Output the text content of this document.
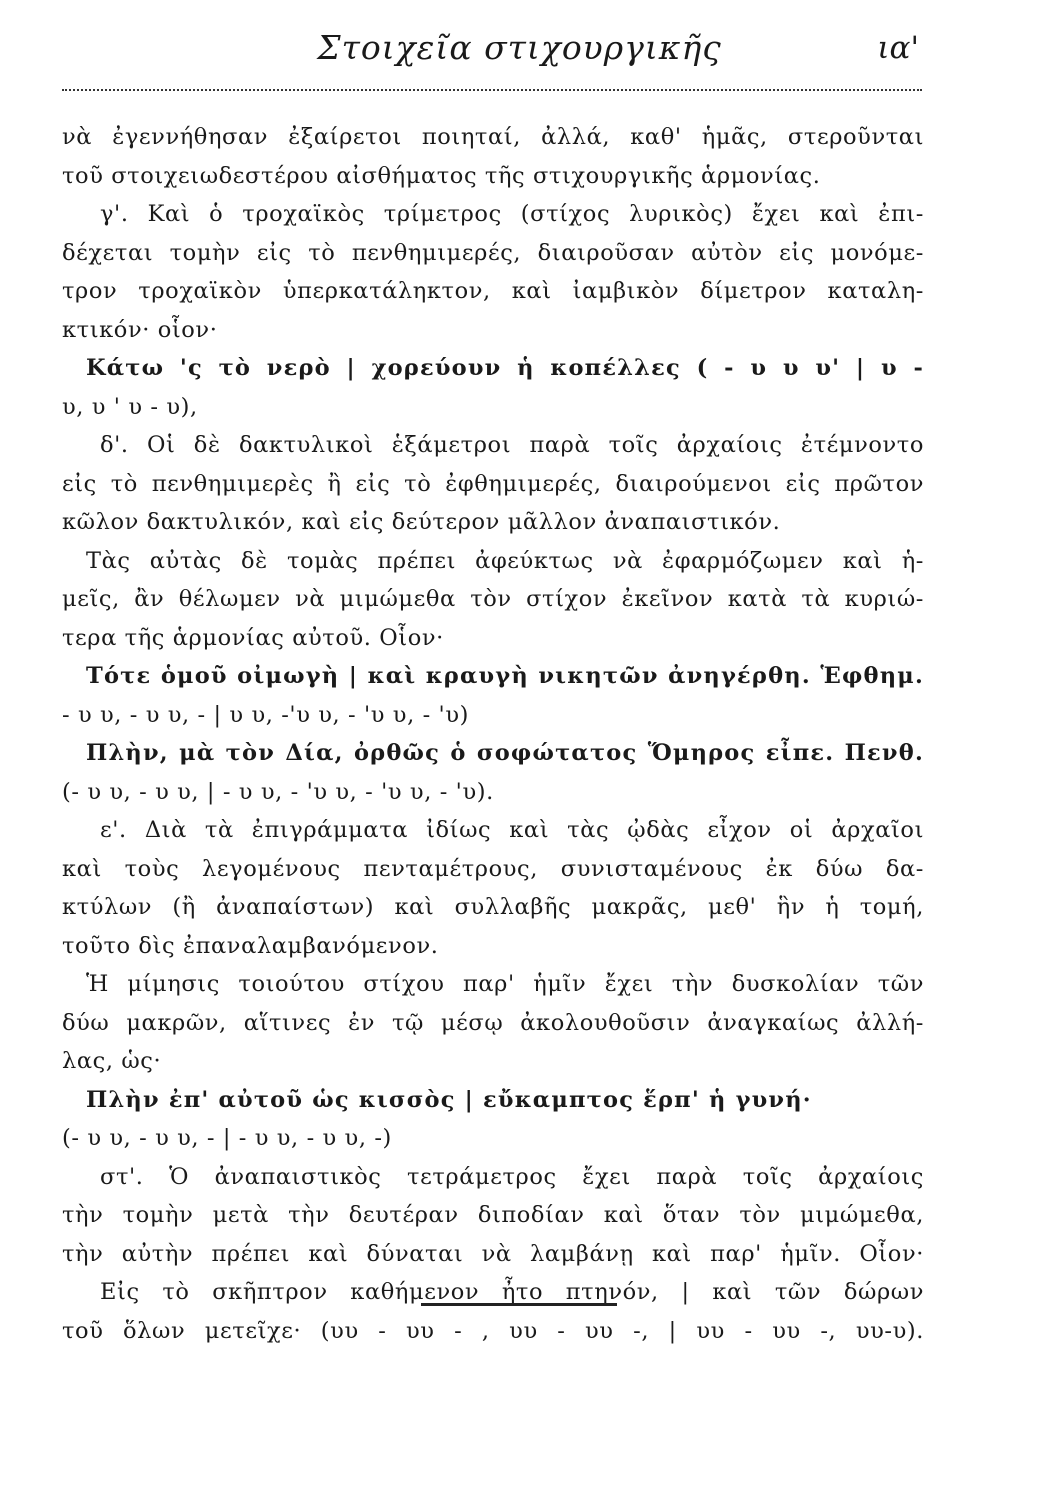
Στοιχεῖα στιχουργικῆς	ια'
νὰ ἐγεννήθησαν ἐξαίρετοι ποιηταί, ἀλλά, καθ' ἡμᾶς, στεροῦνται
τοῦ στοιχειωδεστέρου αἰσθήματος τῆς στιχουργικῆς ἁρμονίας.
γ'. Καὶ ὁ τροχαϊκὸς τρίμετρος (στίχος λυρικὸς) ἔχει καὶ ἐπι-
δέχεται τομὴν εἰς τὸ πενθημιμερές, διαιροῦσαν αὐτὸν εἰς μονόμε-
τρον τροχαϊκὸν ὑπερκατάληκτον, καὶ ἰαμβικὸν δίμετρον καταλη-
κτικόν· οἷον·
Κάτω 'ς τὸ νερὸ | χορεύουν ἡ κοπέλλες ( - υ υ υ' | υ -
υ, υ ' υ - υ),
δ'. Οἱ δὲ δακτυλικοὶ ἑξάμετροι παρὰ τοῖς ἀρχαίοις ἐτέμνοντο
εἰς τὸ πενθημιμερὲς ἢ εἰς τὸ ἐφθημιμερές, διαιρούμενοι εἰς πρῶτον
κῶλον δακτυλικόν, καὶ εἰς δεύτερον μᾶλλον ἀναπαιστικόν.
Τὰς αὐτὰς δὲ τομὰς πρέπει ἀφεύκτως νὰ ἐφαρμόζωμεν καὶ ἡ-
μεῖς, ἂν θέλωμεν νὰ μιμώμεθα τὸν στίχον ἐκεῖνον κατὰ τὰ κυριώ-
τερα τῆς ἁρμονίας αὐτοῦ. Οἷον·
Τότε ὁμοῦ οἰμωγὴ | καὶ κραυγὴ νικητῶν ἀνηγέρθη. Ἑφθημ.
- υ υ, - υ υ, - | υ υ, -'υ υ, - 'υ υ, - 'υ)
Πλὴν, μὰ τὸν Δία, ὀρθῶς ὁ σοφώτατος Ὅμηρος εἶπε. Πενθ.
(- υ υ, - υ υ, | - υ υ, - 'υ υ, - 'υ υ, - 'υ).
ε'. Διὰ τὰ ἐπιγράμματα ἰδίως καὶ τὰς ᾠδὰς εἶχον οἱ ἀρχαῖοι
καὶ τοὺς λεγομένους πενταμέτρους, συνισταμένους ἐκ δύω δα-
κτύλων (ἢ ἀναπαίστων) καὶ συλλαβῆς μακρᾶς, μεθ' ἣν ἡ τομή,
τοῦτο δὶς ἐπαναλαμβανόμενον.
Ἡ μίμησις τοιούτου στίχου παρ' ἡμῖν ἔχει τὴν δυσκολίαν τῶν
δύω μακρῶν, αἵτινες ἐν τῷ μέσῳ ἀκολουθοῦσιν ἀναγκαίως ἀλλή-
λας, ὡς·
Πλὴν ἐπ' αὐτοῦ ὡς κισσὸς | εὔκαμπτος ἕρπ' ἡ γυνή·
(- υ υ, - υ υ, - | - υ υ, - υ υ, -)
στ'. Ὁ ἀναπαιστικὸς τετράμετρος ἔχει παρὰ τοῖς ἀρχαίοις
τὴν τομὴν μετὰ τὴν δευτέραν διποδίαν καὶ ὅταν τὸν μιμώμεθα,
τὴν αὐτὴν πρέπει καὶ δύναται νὰ λαμβάνῃ καὶ παρ' ἡμῖν. Οἷον·
Εἰς τὸ σκῆπτρον καθήμενον ἦτο πτηνόν, | καὶ τῶν δώρων
τοῦ ὅλων μετεῖχε· (υυ - υυ - , υυ - υυ -, | υυ - υυ -, υυ-υ).
